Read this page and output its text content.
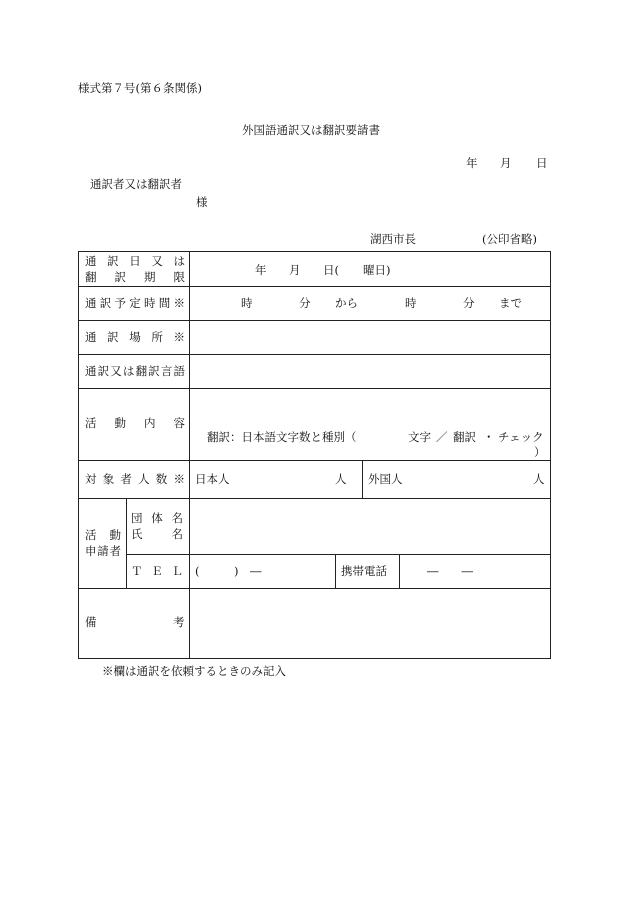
様式第７号(第６条関係)
外国語通訳又は翻訳要請書
年 月 日
通訳者又は翻訳者
様
湖西市長	(公印省略)
通訳日又は
翻訳期限	年 月 日( 曜日)
通訳予定時間※	時	分 から	時	分 まで
通訳場所※
通訳又は翻訳言語
活動内容
翻訳：日本語文字数と種別（	文字 ／ 翻訳 ・ チェック
）
対象者人数※ 日本人	人 外国人	人
活動
申請者
団体名
氏名
ＴＥＬ (　　　)　―	携帯電話	―　　―
備	考
※欄は通訳を依頼するときのみ記入
